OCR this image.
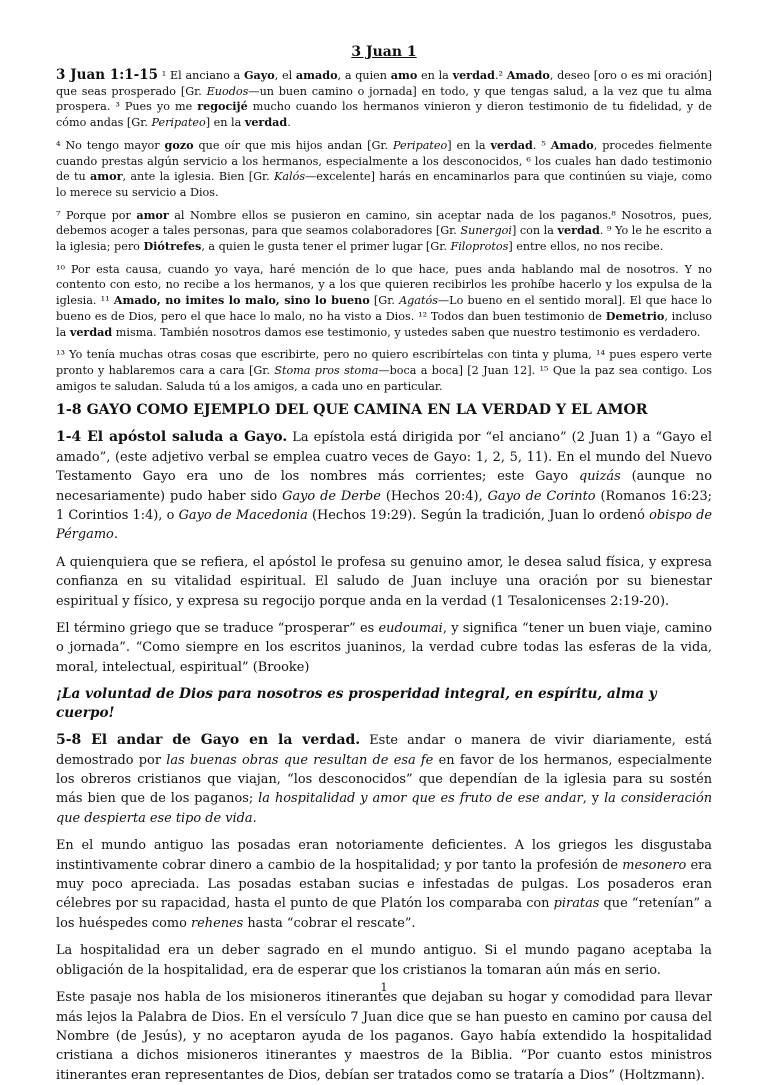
3 Juan 1

3 Juan 1:1-15 ¹ El anciano a Gayo, el amado, a quien amo en la verdad.² Amado, deseo [oro o es mi oración] que seas prosperado [Gr. Euodos—un buen camino o jornada] en todo, y que tengas salud, a la vez que tu alma prospera. ³ Pues yo me regocijé mucho cuando los hermanos vinieron y dieron testimonio de tu fidelidad, y de cómo andas [Gr. Peripateo] en la verdad.

⁴ No tengo mayor gozo que oír que mis hijos andan [Gr. Peripateo] en la verdad. ⁵ Amado, procedes fielmente cuando prestas algún servicio a los hermanos, especialmente a los desconocidos, ⁶ los cuales han dado testimonio de tu amor, ante la iglesia. Bien [Gr. Kalós—excelente] harás en encaminarlos para que continúen su viaje, como lo merece su servicio a Dios.

⁷ Porque por amor al Nombre ellos se pusieron en camino, sin aceptar nada de los paganos.⁸ Nosotros, pues, debemos acoger a tales personas, para que seamos colaboradores [Gr. Sunergoi] con la verdad. ⁹ Yo le he escrito a la iglesia; pero Diótrefes, a quien le gusta tener el primer lugar [Gr. Filoprotos] entre ellos, no nos recibe.

¹⁰ Por esta causa, cuando yo vaya, haré mención de lo que hace, pues anda hablando mal de nosotros. Y no contento con esto, no recibe a los hermanos, y a los que quieren recibirlos les prohíbe hacerlo y los expulsa de la iglesia. ¹¹ Amado, no imites lo malo, sino lo bueno [Gr. Agatós—Lo bueno en el sentido moral]. El que hace lo bueno es de Dios, pero el que hace lo malo, no ha visto a Dios. ¹² Todos dan buen testimonio de Demetrio, incluso la verdad misma. También nosotros damos ese testimonio, y ustedes saben que nuestro testimonio es verdadero.

¹³ Yo tenía muchas otras cosas que escribirte, pero no quiero escribírtelas con tinta y pluma, ¹⁴ pues espero verte pronto y hablaremos cara a cara [Gr. Stoma pros stoma—boca a boca] [2 Juan 12]. ¹⁵ Que la paz sea contigo. Los amigos te saludan. Saluda tú a los amigos, a cada uno en particular.

1-8 GAYO COMO EJEMPLO DEL QUE CAMINA EN LA VERDAD Y EL AMOR

1-4 El apóstol saluda a Gayo. La epístola está dirigida por “el anciano” (2 Juan 1) a “Gayo el amado”, (este adjetivo verbal se emplea cuatro veces de Gayo: 1, 2, 5, 11). En el mundo del Nuevo Testamento Gayo era uno de los nombres más corrientes; este Gayo quizás (aunque no necesariamente) pudo haber sido Gayo de Derbe (Hechos 20:4), Gayo de Corinto (Romanos 16:23; 1 Corintios 1:4), o Gayo de Macedonia (Hechos 19:29). Según la tradición, Juan lo ordenó obispo de Pérgamo.

A quienquiera que se refiera, el apóstol le profesa su genuino amor, le desea salud física, y expresa confianza en su vitalidad espiritual. El saludo de Juan incluye una oración por su bienestar espiritual y físico, y expresa su regocijo porque anda en la verdad (1 Tesalonicenses 2:19-20).

El término griego que se traduce “prosperar” es eudoumai, y significa “tener un buen viaje, camino o jornada”. “Como siempre en los escritos juaninos, la verdad cubre todas las esferas de la vida, moral, intelectual, espiritual” (Brooke)

¡La voluntad de Dios para nosotros es prosperidad integral, en espíritu, alma y cuerpo!

5-8 El andar de Gayo en la verdad. Este andar o manera de vivir diariamente, está demostrado por las buenas obras que resultan de esa fe en favor de los hermanos, especialmente los obreros cristianos que viajan, “los desconocidos” que dependían de la iglesia para su sostén más bien que de los paganos; la hospitalidad y amor que es fruto de ese andar, y la consideración que despierta ese tipo de vida.

En el mundo antiguo las posadas eran notoriamente deficientes. A los griegos les disgustaba instintivamente cobrar dinero a cambio de la hospitalidad; y por tanto la profesión de mesonero era muy poco apreciada. Las posadas estaban sucias e infestadas de pulgas. Los posaderos eran célebres por su rapacidad, hasta el punto de que Platón los comparaba con piratas que “retenían” a los huéspedes como rehenes hasta “cobrar el rescate”.

La hospitalidad era un deber sagrado en el mundo antiguo. Si el mundo pagano aceptaba la obligación de la hospitalidad, era de esperar que los cristianos la tomaran aún más en serio.

Este pasaje nos habla de los misioneros itinerantes que dejaban su hogar y comodidad para llevar más lejos la Palabra de Dios. En el versículo 7 Juan dice que se han puesto en camino por causa del Nombre (de Jesús), y no aceptaron ayuda de los paganos. Gayo había extendido la hospitalidad cristiana a dichos misioneros itinerantes y maestros de la Biblia. “Por cuanto estos ministros itinerantes eran representantes de Dios, debían ser tratados como se trataría a Dios” (Holtzmann).

1
